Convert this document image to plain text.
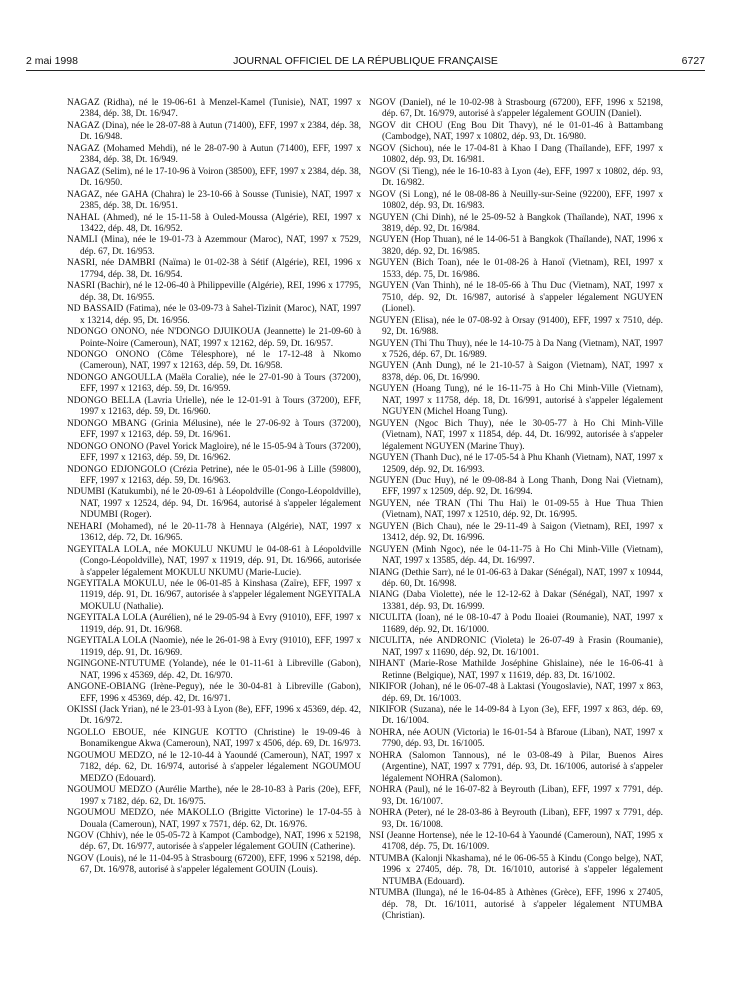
2 mai 1998	JOURNAL OFFICIEL DE LA RÉPUBLIQUE FRANÇAISE	6727

NAGAZ (Ridha), né le 19-06-61 à Menzel-Kamel (Tunisie), NAT, 1997 x 2384, dép. 38, Dt. 16/947.

NAGAZ (Dina), née le 28-07-88 à Autun (71400), EFF, 1997 x 2384, dép. 38, Dt. 16/948.

NAGAZ (Mohamed Mehdi), né le 28-07-90 à Autun (71400), EFF, 1997 x 2384, dép. 38, Dt. 16/949.

NAGAZ (Selim), né le 17-10-96 à Voiron (38500), EFF, 1997 x 2384, dép. 38, Dt. 16/950.

NAGAZ, née GAHA (Chahra) le 23-10-66 à Sousse (Tunisie), NAT, 1997 x 2385, dép. 38, Dt. 16/951.

NAHAL (Ahmed), né le 15-11-58 à Ouled-Moussa (Algérie), REI, 1997 x 13422, dép. 48, Dt. 16/952.

NAMLI (Mina), née le 19-01-73 à Azemmour (Maroc), NAT, 1997 x 7529, dép. 67, Dt. 16/953.

NASRI, née DAMBRI (Naïma) le 01-02-38 à Sétif (Algérie), REI, 1996 x 17794, dép. 38, Dt. 16/954.

NASRI (Bachir), né le 12-06-40 à Philippeville (Algérie), REI, 1996 x 17795, dép. 38, Dt. 16/955.

ND BASSAID (Fatima), née le 03-09-73 à Sahel-Tizinit (Maroc), NAT, 1997 x 13214, dép. 95, Dt. 16/956.

NDONGO ONONO, née N'DONGO DJUIKOUA (Jeannette) le 21-09-60 à Pointe-Noire (Cameroun), NAT, 1997 x 12162, dép. 59, Dt. 16/957.

NDONGO ONONO (Côme Télesphore), né le 17-12-48 à Nkomo (Cameroun), NAT, 1997 x 12163, dép. 59, Dt. 16/958.

NDONGO ANGOULLA (Maëla Coralie), née le 27-01-90 à Tours (37200), EFF, 1997 x 12163, dép. 59, Dt. 16/959.

NDONGO BELLA (Lavria Urielle), née le 12-01-91 à Tours (37200), EFF, 1997 x 12163, dép. 59, Dt. 16/960.

NDONGO MBANG (Grinia Mélusine), née le 27-06-92 à Tours (37200), EFF, 1997 x 12163, dép. 59, Dt. 16/961.

NDONGO ONONO (Pavel Yorick Magloire), né le 15-05-94 à Tours (37200), EFF, 1997 x 12163, dép. 59, Dt. 16/962.

NDONGO EDJONGOLO (Crézia Petrine), née le 05-01-96 à Lille (59800), EFF, 1997 x 12163, dép. 59, Dt. 16/963.

NDUMBI (Katukumbi), né le 20-09-61 à Léopoldville (Congo-Léopoldville), NAT, 1997 x 12524, dép. 94, Dt. 16/964, autorisé à s'appeler légalement NDUMBI (Roger).

NEHARI (Mohamed), né le 20-11-78 à Hennaya (Algérie), NAT, 1997 x 13612, dép. 72, Dt. 16/965.

NGEYITALA LOLA, née MOKULU NKUMU le 04-08-61 à Léopoldville (Congo-Léopoldville), NAT, 1997 x 11919, dép. 91, Dt. 16/966, autorisée à s'appeler légalement MOKULU NKUMU (Marie-Lucie).

NGEYITALA MOKULU, née le 06-01-85 à Kinshasa (Zaïre), EFF, 1997 x 11919, dép. 91, Dt. 16/967, autorisée à s'appeler légalement NGEYITALA MOKULU (Nathalie).

NGEYITALA LOLA (Aurélien), né le 29-05-94 à Evry (91010), EFF, 1997 x 11919, dép. 91, Dt. 16/968.

NGEYITALA LOLA (Naomie), née le 26-01-98 à Evry (91010), EFF, 1997 x 11919, dép. 91, Dt. 16/969.

NGINGONE-NTUTUME (Yolande), née le 01-11-61 à Libreville (Gabon), NAT, 1996 x 45369, dép. 42, Dt. 16/970.

ANGONE-OBIANG (Irène-Peguy), née le 30-04-81 à Libreville (Gabon), EFF, 1996 x 45369, dép. 42, Dt. 16/971.

OKISSI (Jack Yrian), né le 23-01-93 à Lyon (8e), EFF, 1996 x 45369, dép. 42, Dt. 16/972.

NGOLLO EBOUE, née KINGUE KOTTO (Christine) le 19-09-46 à Bonamikengue Akwa (Cameroun), NAT, 1997 x 4506, dép. 69, Dt. 16/973.

NGOUMOU MEDZO, né le 12-10-44 à Yaoundé (Cameroun), NAT, 1997 x 7182, dép. 62, Dt. 16/974, autorisé à s'appeler légalement NGOUMOU MEDZO (Edouard).

NGOUMOU MEDZO (Aurélie Marthe), née le 28-10-83 à Paris (20e), EFF, 1997 x 7182, dép. 62, Dt. 16/975.

NGOUMOU MEDZO, née MAKOLLO (Brigitte Victorine) le 17-04-55 à Douala (Cameroun), NAT, 1997 x 7571, dép. 62, Dt. 16/976.

NGOV (Chhiv), née le 05-05-72 à Kampot (Cambodge), NAT, 1996 x 52198, dép. 67, Dt. 16/977, autorisée à s'appeler légalement GOUIN (Catherine).

NGOV (Louis), né le 11-04-95 à Strasbourg (67200), EFF, 1996 x 52198, dép. 67, Dt. 16/978, autorisé à s'appeler légalement GOUIN (Louis).

NGOV (Daniel), né le 10-02-98 à Strasbourg (67200), EFF, 1996 x 52198, dép. 67, Dt. 16/979, autorisé à s'appeler légalement GOUIN (Daniel).

NGOV dit CHOU (Eng Bou Dit Thavy), né le 01-01-46 à Battambang (Cambodge), NAT, 1997 x 10802, dép. 93, Dt. 16/980.

NGOV (Sichou), née le 17-04-81 à Khao I Dang (Thaïlande), EFF, 1997 x 10802, dép. 93, Dt. 16/981.

NGOV (Si Tieng), née le 16-10-83 à Lyon (4e), EFF, 1997 x 10802, dép. 93, Dt. 16/982.

NGOV (Si Long), né le 08-08-86 à Neuilly-sur-Seine (92200), EFF, 1997 x 10802, dép. 93, Dt. 16/983.

NGUYEN (Chi Dinh), né le 25-09-52 à Bangkok (Thaïlande), NAT, 1996 x 3819, dép. 92, Dt. 16/984.

NGUYEN (Hop Thuan), né le 14-06-51 à Bangkok (Thaïlande), NAT, 1996 x 3820, dép. 92, Dt. 16/985.

NGUYEN (Bich Toan), née le 01-08-26 à Hanoï (Vietnam), REI, 1997 x 1533, dép. 75, Dt. 16/986.

NGUYEN (Van Thinh), né le 18-05-66 à Thu Duc (Vietnam), NAT, 1997 x 7510, dép. 92, Dt. 16/987, autorisé à s'appeler légalement NGUYEN (Lionel).

NGUYEN (Elisa), née le 07-08-92 à Orsay (91400), EFF, 1997 x 7510, dép. 92, Dt. 16/988.

NGUYEN (Thi Thu Thuy), née le 14-10-75 à Da Nang (Vietnam), NAT, 1997 x 7526, dép. 67, Dt. 16/989.

NGUYEN (Anh Dung), né le 21-10-57 à Saigon (Vietnam), NAT, 1997 x 8378, dép. 06, Dt. 16/990.

NGUYEN (Hoang Tung), né le 16-11-75 à Ho Chi Minh-Ville (Vietnam), NAT, 1997 x 11758, dép. 18, Dt. 16/991, autorisé à s'appeler légalement NGUYEN (Michel Hoang Tung).

NGUYEN (Ngoc Bich Thuy), née le 30-05-77 à Ho Chi Minh-Ville (Vietnam), NAT, 1997 x 11854, dép. 44, Dt. 16/992, autorisée à s'appeler légalement NGUYEN (Marine Thuy).

NGUYEN (Thanh Duc), né le 17-05-54 à Phu Khanh (Vietnam), NAT, 1997 x 12509, dép. 92, Dt. 16/993.

NGUYEN (Duc Huy), né le 09-08-84 à Long Thanh, Dong Nai (Vietnam), EFF, 1997 x 12509, dép. 92, Dt. 16/994.

NGUYEN, née TRAN (Thi Thu Hai) le 01-09-55 à Hue Thua Thien (Vietnam), NAT, 1997 x 12510, dép. 92, Dt. 16/995.

NGUYEN (Bich Chau), née le 29-11-49 à Saigon (Vietnam), REI, 1997 x 13412, dép. 92, Dt. 16/996.

NGUYEN (Minh Ngoc), née le 04-11-75 à Ho Chi Minh-Ville (Vietnam), NAT, 1997 x 13585, dép. 44, Dt. 16/997.

NIANG (Dethie Sarr), né le 01-06-63 à Dakar (Sénégal), NAT, 1997 x 10944, dép. 60, Dt. 16/998.

NIANG (Daba Violette), née le 12-12-62 à Dakar (Sénégal), NAT, 1997 x 13381, dép. 93, Dt. 16/999.

NICULITA (Ioan), né le 08-10-47 à Podu Iloaiei (Roumanie), NAT, 1997 x 11689, dép. 92, Dt. 16/1000.

NICULITA, née ANDRONIC (Violeta) le 26-07-49 à Frasin (Roumanie), NAT, 1997 x 11690, dép. 92, Dt. 16/1001.

NIHANT (Marie-Rose Mathilde Joséphine Ghislaine), née le 16-06-41 à Retinne (Belgique), NAT, 1997 x 11619, dép. 83, Dt. 16/1002.

NIKIFOR (Johan), né le 06-07-48 à Laktasi (Yougoslavie), NAT, 1997 x 863, dép. 69, Dt. 16/1003.

NIKIFOR (Suzana), née le 14-09-84 à Lyon (3e), EFF, 1997 x 863, dép. 69, Dt. 16/1004.

NOHRA, née AOUN (Victoria) le 16-01-54 à Bfaroue (Liban), NAT, 1997 x 7790, dép. 93, Dt. 16/1005.

NOHRA (Salomon Tannous), né le 03-08-49 à Pilar, Buenos Aires (Argentine), NAT, 1997 x 7791, dép. 93, Dt. 16/1006, autorisé à s'appeler légalement NOHRA (Salomon).

NOHRA (Paul), né le 16-07-82 à Beyrouth (Liban), EFF, 1997 x 7791, dép. 93, Dt. 16/1007.

NOHRA (Peter), né le 28-03-86 à Beyrouth (Liban), EFF, 1997 x 7791, dép. 93, Dt. 16/1008.

NSI (Jeanne Hortense), née le 12-10-64 à Yaoundé (Cameroun), NAT, 1995 x 41708, dép. 75, Dt. 16/1009.

NTUMBA (Kalonji Nkashama), né le 06-06-55 à Kindu (Congo belge), NAT, 1996 x 27405, dép. 78, Dt. 16/1010, autorisé à s'appeler légalement NTUMBA (Edouard).

NTUMBA (Ilunga), né le 16-04-85 à Athènes (Grèce), EFF, 1996 x 27405, dép. 78, Dt. 16/1011, autorisé à s'appeler légalement NTUMBA (Christian).
